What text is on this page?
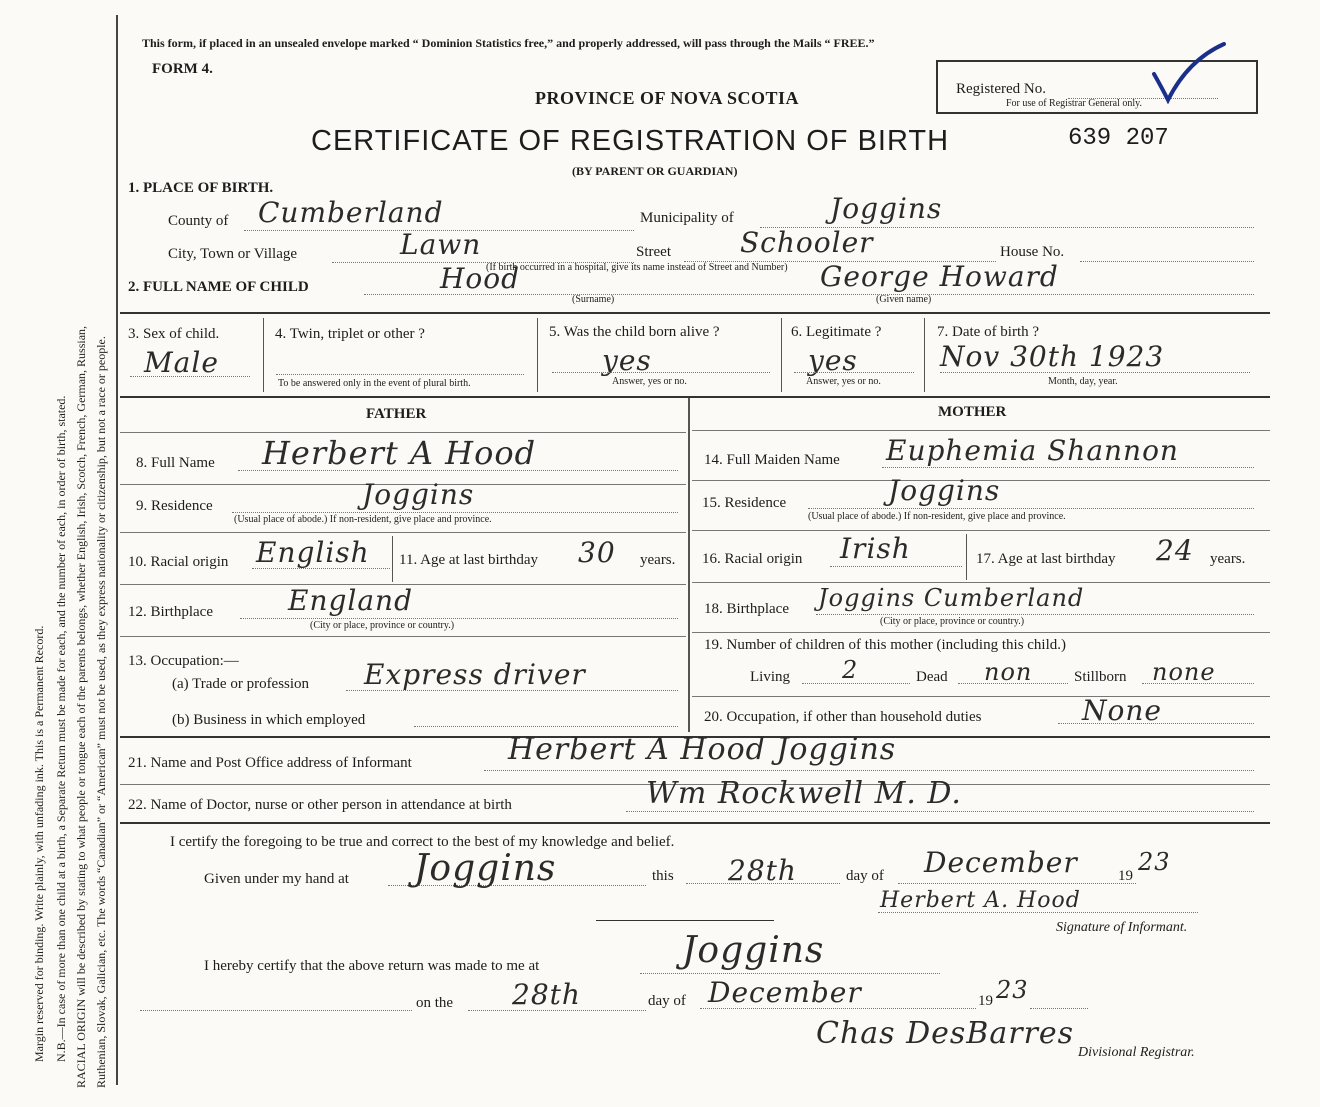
Margin reserved for binding. Write plainly, with unfading ink. This is a Permanent Record. N.B.—In case of more than one child at a birth, a Separate Return must be made for each, and the number of each, in order of birth, stated. RACIAL ORIGIN will be described by stating to what people or tongue each of the parents belongs, whether English, Irish, Scotch, French, German, Russian, Ruthenian, Slovak, Galician, etc. The words “Canadian” or “American” must not be used, as they express nationality or citizenship, but not a race or people.
This form, if placed in an unsealed envelope marked “ Dominion Statistics free,” and properly addressed, will pass through the Mails “ FREE.”
FORM 4.
PROVINCE OF NOVA SCOTIA
CERTIFICATE OF REGISTRATION OF BIRTH	639 207
(BY PARENT OR GUARDIAN)
Registered No.
For use of Registrar General only.
1. PLACE OF BIRTH.
County of Cumberland	Municipality of	Joggins
City, Town or Village	Lawn	Street Schooler	House No.
(If birth occurred in a hospital, give its name instead of Street and Number)
2. FULL NAME OF CHILD	Hood	George Howard
(Surname)	(Given name)
3. Sex of child.
Male
4. Twin, triplet or other ?
To be answered only in the event of plural birth.
5. Was the child born alive ?
yes
Answer, yes or no.
6. Legitimate ?
yes
Answer, yes or no.
7. Date of birth ?
Nov 30th 1923
Month, day, year.
FATHER
8. Full Name Herbert A Hood
9. Residence	Joggins
(Usual place of abode.) If non-resident, give place and province.
10. Racial origin English 11. Age at last birthday 30 years.
12. Birthplace	England
(City or place, province or country.)
13. Occupation:—
(a) Trade or profession Express driver
(b) Business in which employed
MOTHER
14. Full Maiden Name Euphemia Shannon
15. Residence	Joggins
(Usual place of abode.) If non-resident, give place and province.
16. Racial origin Irish	17. Age at last birthday 24 years.
18. Birthplace Joggins Cumberland
(City or place, province or country.)
19. Number of children of this mother (including this child.)
Living 2	Dead non	Stillborn none
20. Occupation, if other than household duties	None
21. Name and Post Office address of Informant	Herbert A Hood Joggins
22. Name of Doctor, nurse or other person in attendance at birth	Wm Rockwell M. D.
I certify the foregoing to be true and correct to the best of my knowledge and belief.
Given under my hand at Joggins	this 28th	day of December	19 23
Herbert A. Hood
Signature of Informant.
I hereby certify that the above return was made to me at	Joggins
on the 28th	day of December	19 23
Chas DesBarres
Divisional Registrar.
